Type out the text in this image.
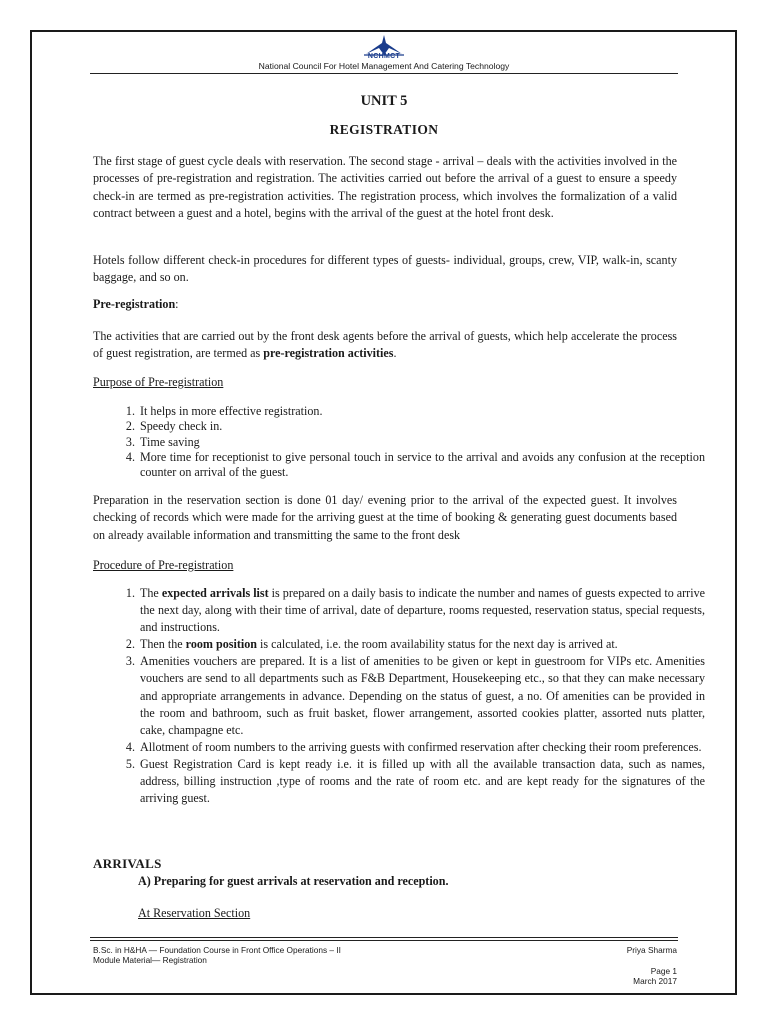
NCHMCT
National Council For Hotel Management And Catering Technology
UNIT 5
REGISTRATION

The first stage of guest cycle deals with reservation. The second stage - arrival – deals with the activities involved in the processes of pre-registration and registration. The activities carried out before the arrival of a guest to ensure a speedy check-in are termed as pre-registration activities. The registration process, which involves the formalization of a valid contract between a guest and a hotel, begins with the arrival of the guest at the hotel front desk.

Hotels follow different check-in procedures for different types of guests- individual, groups, crew, VIP, walk-in, scanty baggage, and so on.

Pre-registration:

The activities that are carried out by the front desk agents before the arrival of guests, which help accelerate the process of guest registration, are termed as pre-registration activities.

Purpose of Pre-registration

1. It helps in more effective registration.
2. Speedy check in.
3. Time saving
4. More time for receptionist to give personal touch in service to the arrival and avoids any confusion at the reception counter on arrival of the guest.

Preparation in the reservation section is done 01 day/ evening prior to the arrival of the expected guest. It involves checking of records which were made for the arriving guest at the time of booking & generating guest documents based on already available information and transmitting the same to the front desk

Procedure of Pre-registration

1. The expected arrivals list is prepared on a daily basis to indicate the number and names of guests expected to arrive the next day, along with their time of arrival, date of departure, rooms requested, reservation status, special requests, and instructions.
2. Then the room position is calculated, i.e. the room availability status for the next day is arrived at.
3. Amenities vouchers are prepared. It is a list of amenities to be given or kept in guestroom for VIPs etc. Amenities vouchers are send to all departments such as F&B Department, Housekeeping etc., so that they can make necessary and appropriate arrangements in advance. Depending on the status of guest, a no. Of amenities can be provided in the room and bathroom, such as fruit basket, flower arrangement, assorted cookies platter, assorted nuts platter, cake, champagne etc.
4. Allotment of room numbers to the arriving guests with confirmed reservation after checking their room preferences.
5. Guest Registration Card is kept ready i.e. it is filled up with all the available transaction data, such as names, address, billing instruction ,type of rooms and the rate of room etc. and are kept ready for the signatures of the arriving guest.
ARRIVALS
A) Preparing for guest arrivals at reservation and reception.
At Reservation Section
B.Sc. in H&HA — Foundation Course in Front Office Operations – II
Module Material— Registration
Priya Sharma
Page 1
March 2017
